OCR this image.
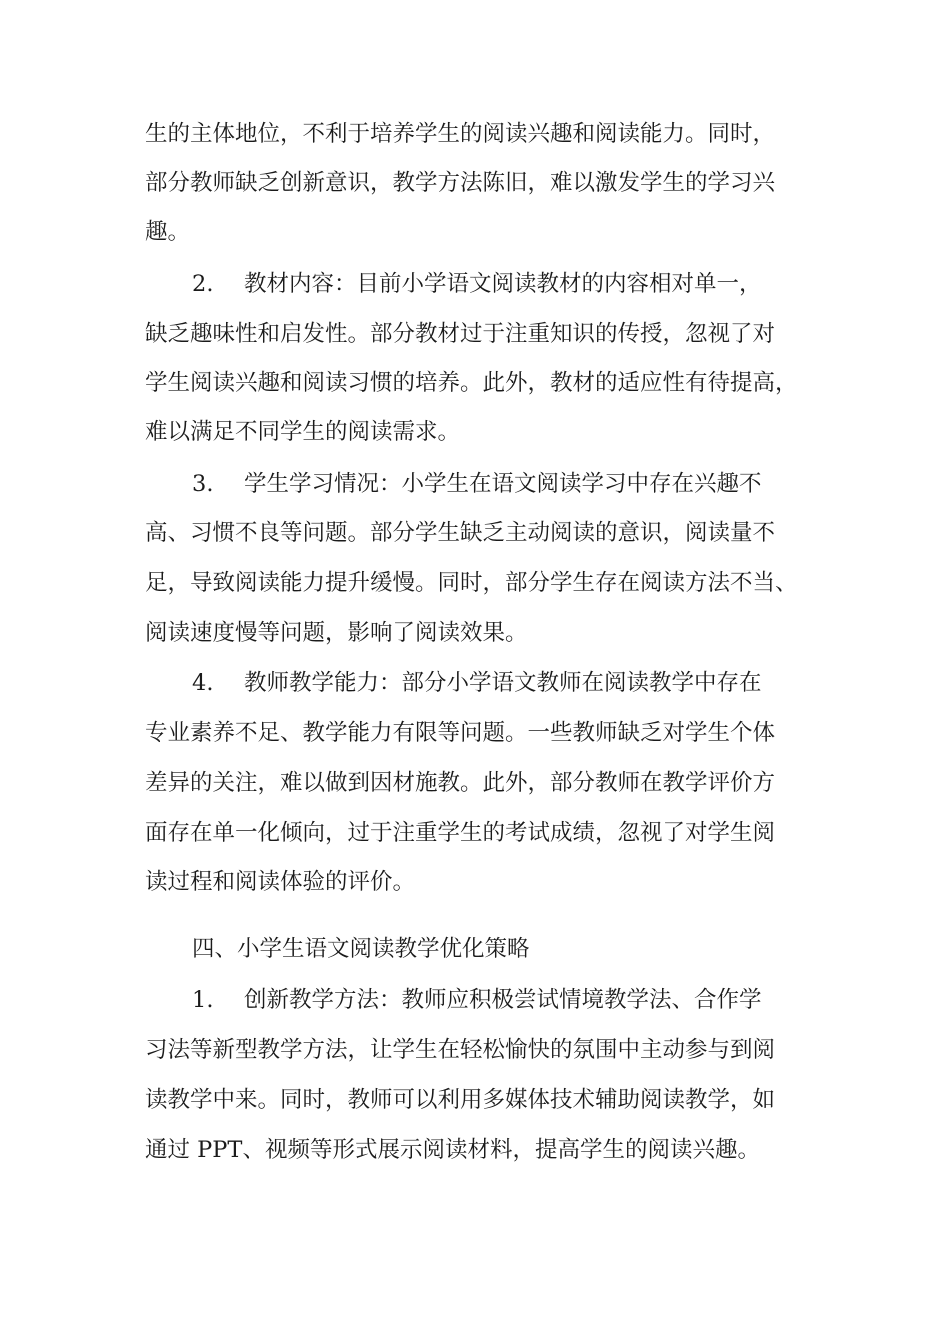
生的主体地位，不利于培养学生的阅读兴趣和阅读能力。同时，

部分教师缺乏创新意识，教学方法陈旧，难以激发学生的学习兴

趣。

2. 教材内容：目前小学语文阅读教材的内容相对单一，

缺乏趣味性和启发性。部分教材过于注重知识的传授，忽视了对

学生阅读兴趣和阅读习惯的培养。此外，教材的适应性有待提高，

难以满足不同学生的阅读需求。

3. 学生学习情况：小学生在语文阅读学习中存在兴趣不

高、习惯不良等问题。部分学生缺乏主动阅读的意识，阅读量不

足，导致阅读能力提升缓慢。同时，部分学生存在阅读方法不当、

阅读速度慢等问题，影响了阅读效果。

4. 教师教学能力：部分小学语文教师在阅读教学中存在

专业素养不足、教学能力有限等问题。一些教师缺乏对学生个体

差异的关注，难以做到因材施教。此外，部分教师在教学评价方

面存在单一化倾向，过于注重学生的考试成绩，忽视了对学生阅

读过程和阅读体验的评价。

四、小学生语文阅读教学优化策略

1. 创新教学方法：教师应积极尝试情境教学法、合作学

习法等新型教学方法，让学生在轻松愉快的氛围中主动参与到阅

读教学中来。同时，教师可以利用多媒体技术辅助阅读教学，如

通过 PPT、视频等形式展示阅读材料，提高学生的阅读兴趣。
